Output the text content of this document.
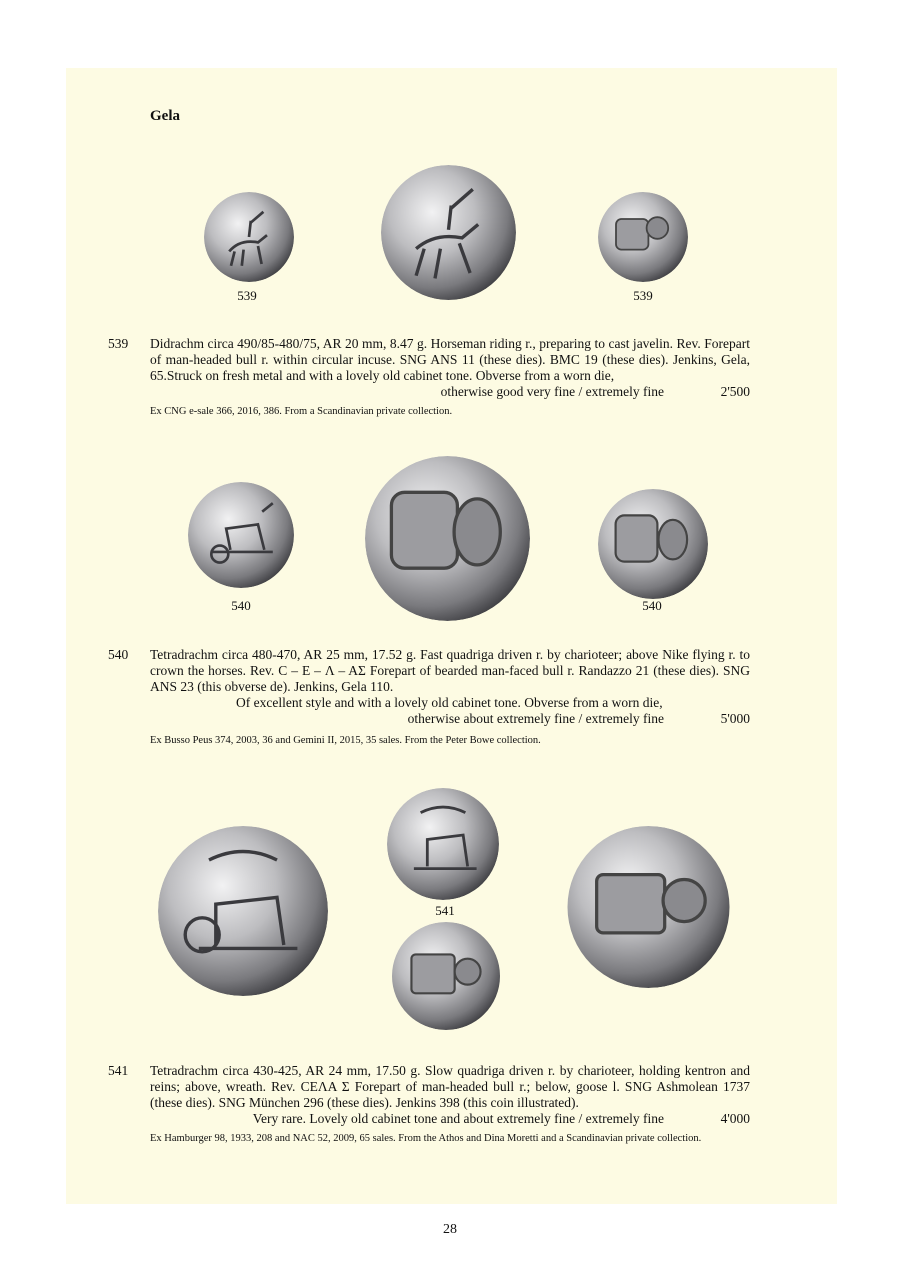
Gela
539	539
539 Didrachm circa 490/85-480/75, AR 20 mm, 8.47 g. Horseman riding r., preparing to cast javelin. Rev. Forepart of man-headed bull r. within circular incuse. SNG ANS 11 (these dies). BMC 19 (these dies). Jenkins, Gela, 65.Struck on fresh metal and with a lovely old cabinet tone. Obverse from a worn die,

otherwise good very fine / extremely fine	2'500
Ex CNG e-sale 366, 2016, 386. From a Scandinavian private collection.
540	540
540 Tetradrachm circa 480-470, AR 25 mm, 17.52 g. Fast quadriga driven r. by charioteer; above Nike flying r. to crown the horses. Rev. C – E – Λ – ΑΣ Forepart of bearded man-faced bull r. Randazzo 21 (these dies). SNG ANS 23 (this obverse de). Jenkins, Gela 110.

Of excellent style and with a lovely old cabinet tone. Obverse from a worn die,

otherwise about extremely fine / extremely fine	5'000
Ex Busso Peus 374, 2003, 36 and Gemini II, 2015, 35 sales. From the Peter Bowe collection.
541
541 Tetradrachm circa 430-425, AR 24 mm, 17.50 g. Slow quadriga driven r. by charioteer, holding kentron and reins; above, wreath. Rev. CEΛΑ Σ Forepart of man-headed bull r.; below, goose l. SNG Ashmolean 1737 (these dies). SNG München 296 (these dies). Jenkins 398 (this coin illustrated).

Very rare. Lovely old cabinet tone and about extremely fine / extremely fine	4'000
Ex Hamburger 98, 1933, 208 and NAC 52, 2009, 65 sales. From the Athos and Dina Moretti and a Scandinavian private collection.
28
